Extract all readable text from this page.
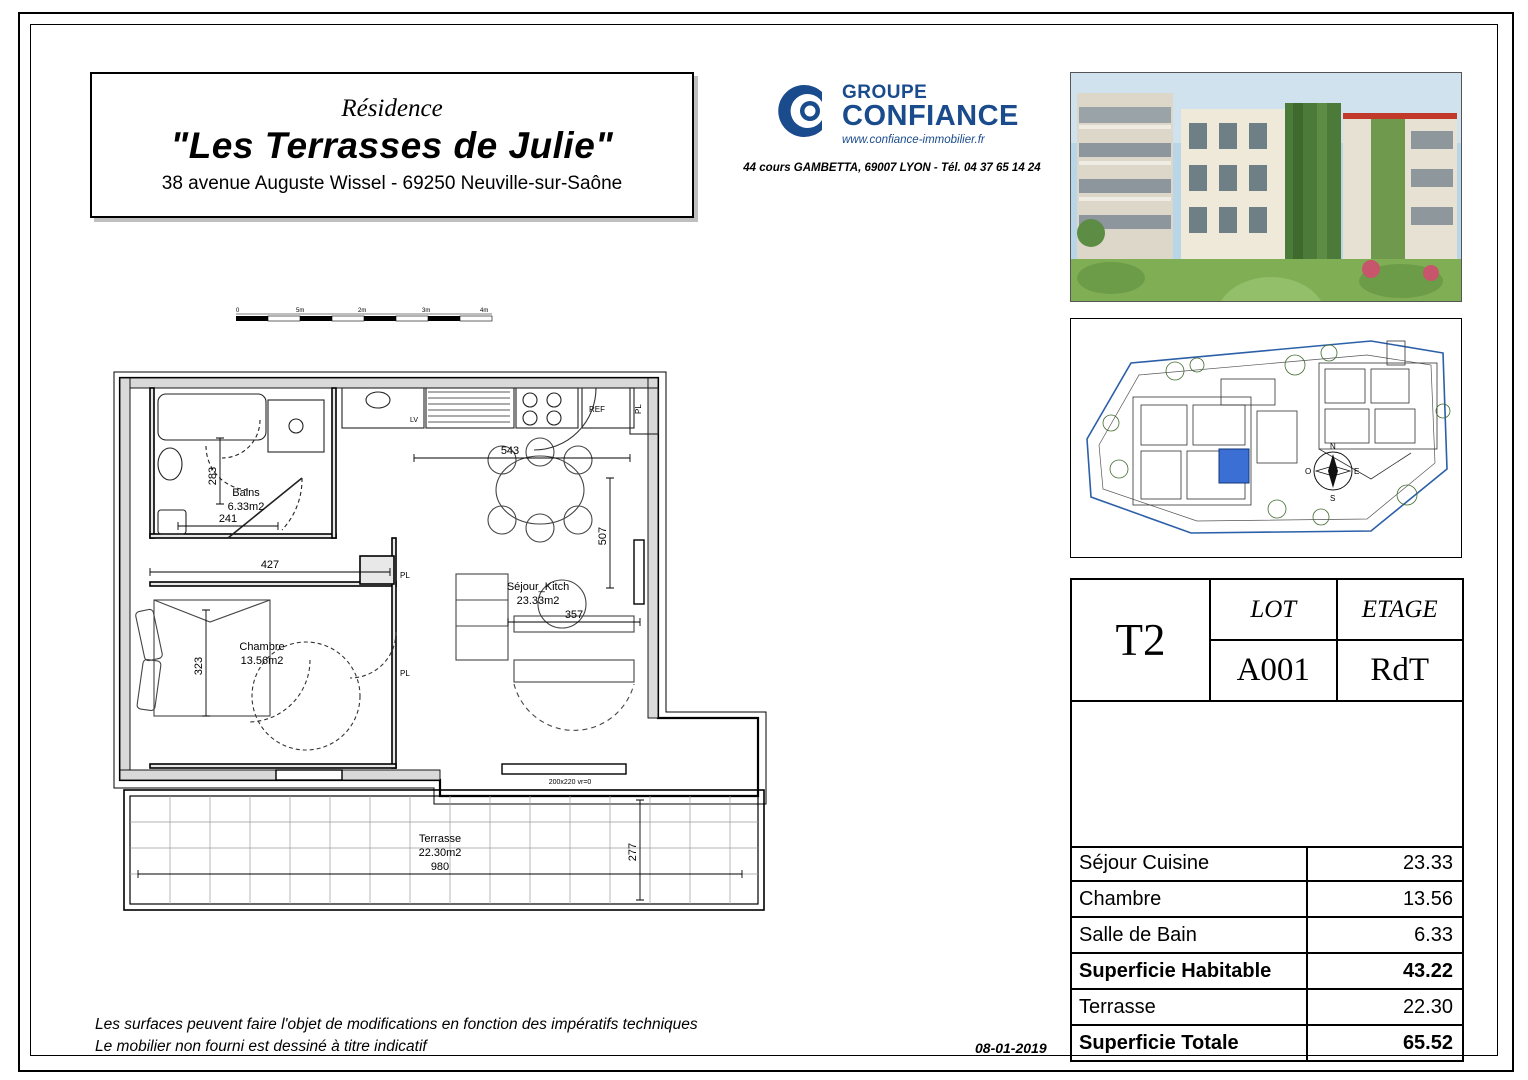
Résidence
"Les Terrasses de Julie"
38 avenue Auguste Wissel - 69250 Neuville-sur-Saône
GROUPE
CONFIANCE
www.confiance-immobilier.fr
44 cours GAMBETTA, 69007 LYON - Tél. 04 37 65 14 24
N
E
S
O
T2
LOT	ETAGE
A001	RdT
Séjour Cuisine	23.33
Chambre	13.56
Salle de Bain	6.33
Superficie Habitable	43.22
Terrasse	22.30
Superficie Totale	65.52
0	5m	2m	3m	4m
REF	PL
LV
PL
PL
543
507
283
241
427
323
357
980
277
Bains
6.33m2
Séjour_Kitch
23.33m2
Chambre
13.56m2
Terrasse
22.30m2
200x220 vr=0
Les surfaces peuvent faire l'objet de modifications en fonction des impératifs techniques
Le mobilier non fourni est dessiné à titre indicatif	08-01-2019
